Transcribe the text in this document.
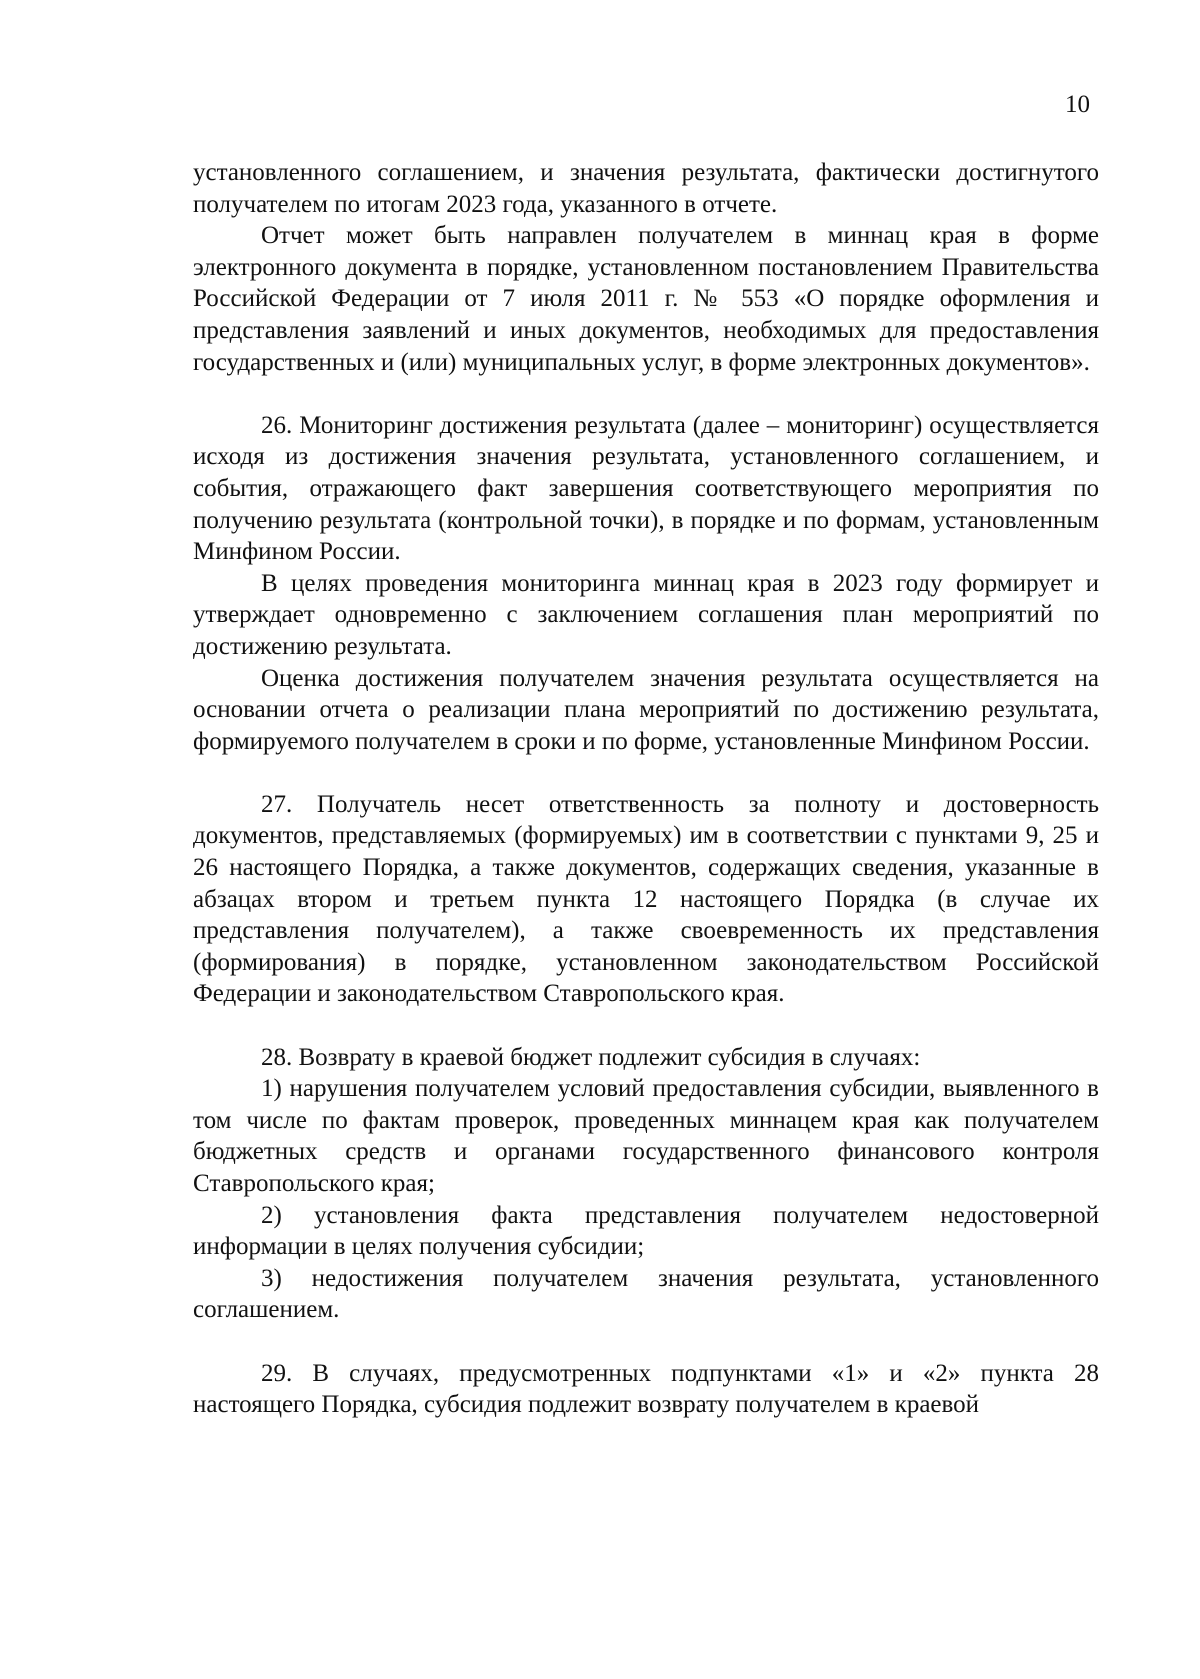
10

установленного соглашением, и значения результата, фактически достигнутого получателем по итогам 2023 года, указанного в отчете.

Отчет может быть направлен получателем в миннац края в форме электронного документа в порядке, установленном постановлением Правительства Российской Федерации от 7 июля 2011 г. № 553 «О порядке оформления и представления заявлений и иных документов, необходимых для предоставления государственных и (или) муниципальных услуг, в форме электронных документов».

26. Мониторинг достижения результата (далее – мониторинг) осуществляется исходя из достижения значения результата, установленного соглашением, и события, отражающего факт завершения соответствующего мероприятия по получению результата (контрольной точки), в порядке и по формам, установленным Минфином России.

В целях проведения мониторинга миннац края в 2023 году формирует и утверждает одновременно с заключением соглашения план мероприятий по достижению результата.

Оценка достижения получателем значения результата осуществляется на основании отчета о реализации плана мероприятий по достижению результата, формируемого получателем в сроки и по форме, установленные Минфином России.

27. Получатель несет ответственность за полноту и достоверность документов, представляемых (формируемых) им в соответствии с пунктами 9, 25 и 26 настоящего Порядка, а также документов, содержащих сведения, указанные в абзацах втором и третьем пункта 12 настоящего Порядка (в случае их представления получателем), а также своевременность их представления (формирования) в порядке, установленном законодательством Российской Федерации и законодательством Ставропольского края.

28. Возврату в краевой бюджет подлежит субсидия в случаях:

1) нарушения получателем условий предоставления субсидии, выявленного в том числе по фактам проверок, проведенных миннацем края как получателем бюджетных средств и органами государственного финансового контроля Ставропольского края;

2) установления факта представления получателем недостоверной информации в целях получения субсидии;

3) недостижения получателем значения результата, установленного соглашением.

29. В случаях, предусмотренных подпунктами «1» и «2» пункта 28 настоящего Порядка, субсидия подлежит возврату получателем в краевой
